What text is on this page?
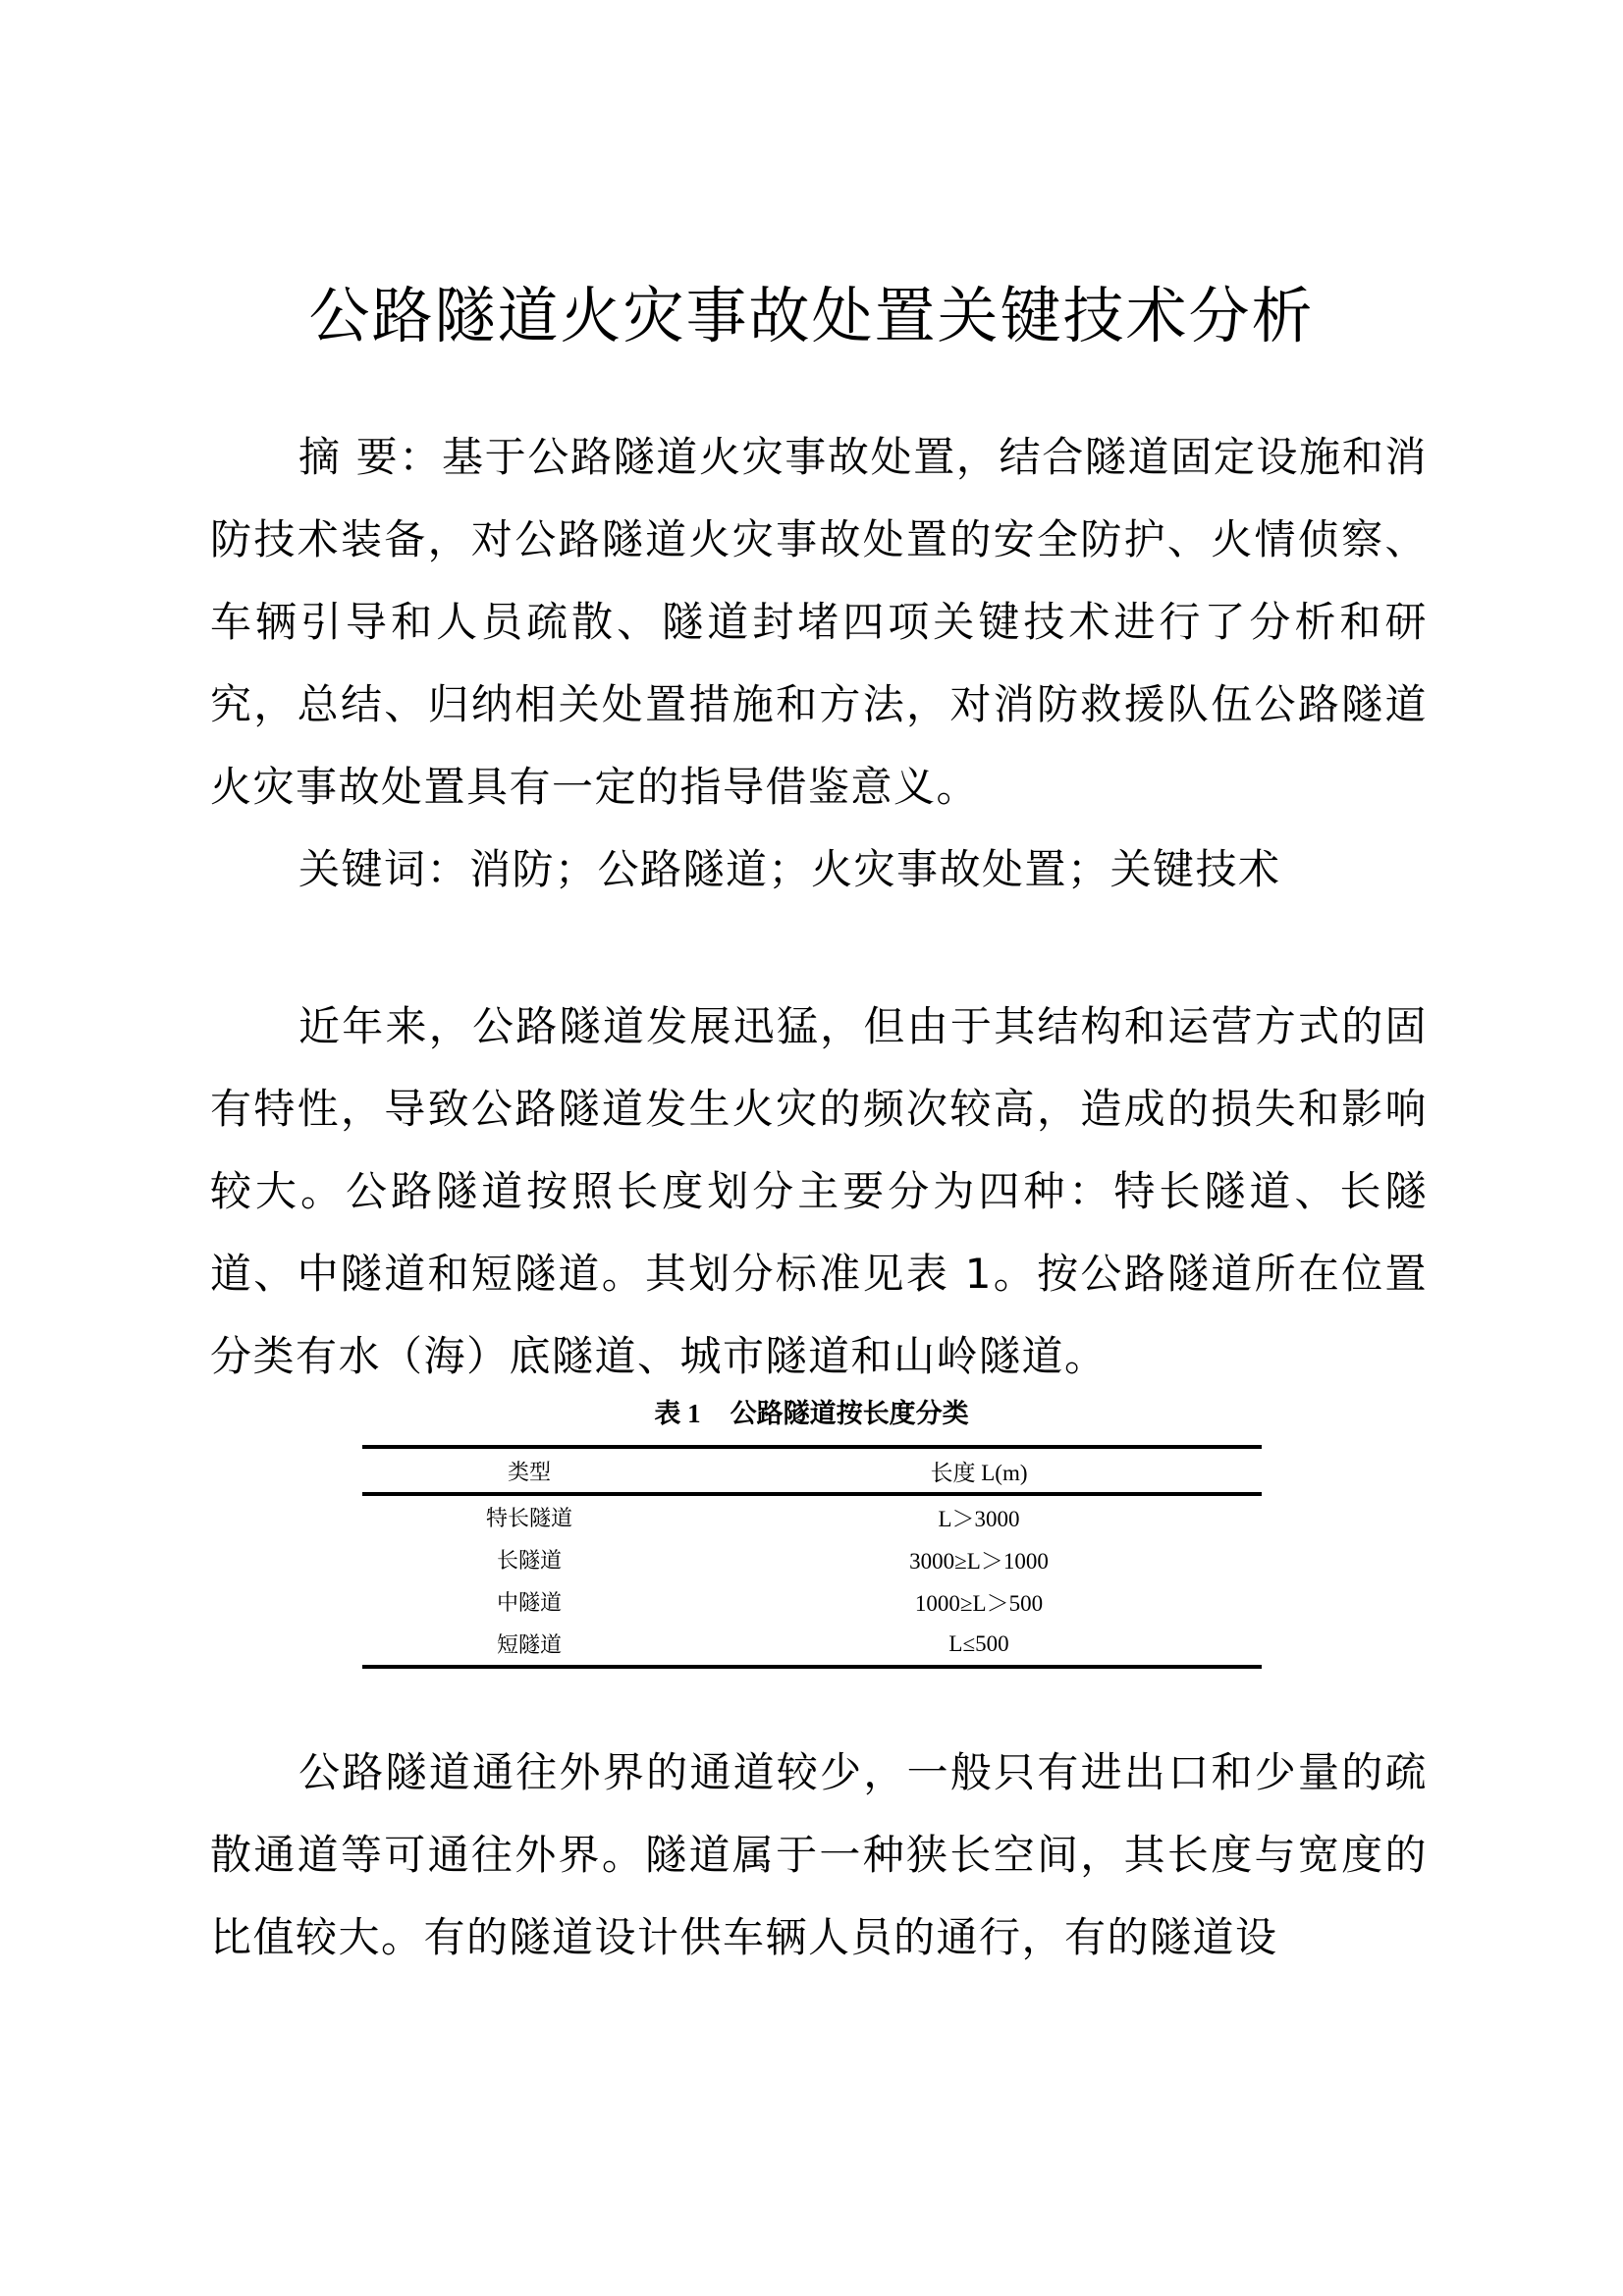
公路隧道火灾事故处置关键技术分析

摘 要：基于公路隧道火灾事故处置，结合隧道固定设施和消防技术装备，对公路隧道火灾事故处置的安全防护、火情侦察、车辆引导和人员疏散、隧道封堵四项关键技术进行了分析和研究，总结、归纳相关处置措施和方法，对消防救援队伍公路隧道火灾事故处置具有一定的指导借鉴意义。

关键词：消防；公路隧道；火灾事故处置；关键技术

近年来，公路隧道发展迅猛，但由于其结构和运营方式的固有特性，导致公路隧道发生火灾的频次较高，造成的损失和影响较大。公路隧道按照长度划分主要分为四种：特长隧道、长隧道、中隧道和短隧道。其划分标准见表 1。按公路隧道所在位置分类有水（海）底隧道、城市隧道和山岭隧道。

表 1 公路隧道按长度分类
类型	长度 L(m)
特长隧道	L＞3000
长隧道	3000≥L＞1000
中隧道	1000≥L＞500
短隧道	L≤500

公路隧道通往外界的通道较少，一般只有进出口和少量的疏散通道等可通往外界。隧道属于一种狭长空间，其长度与宽度的比值较大。有的隧道设计供车辆人员的通行，有的隧道设
